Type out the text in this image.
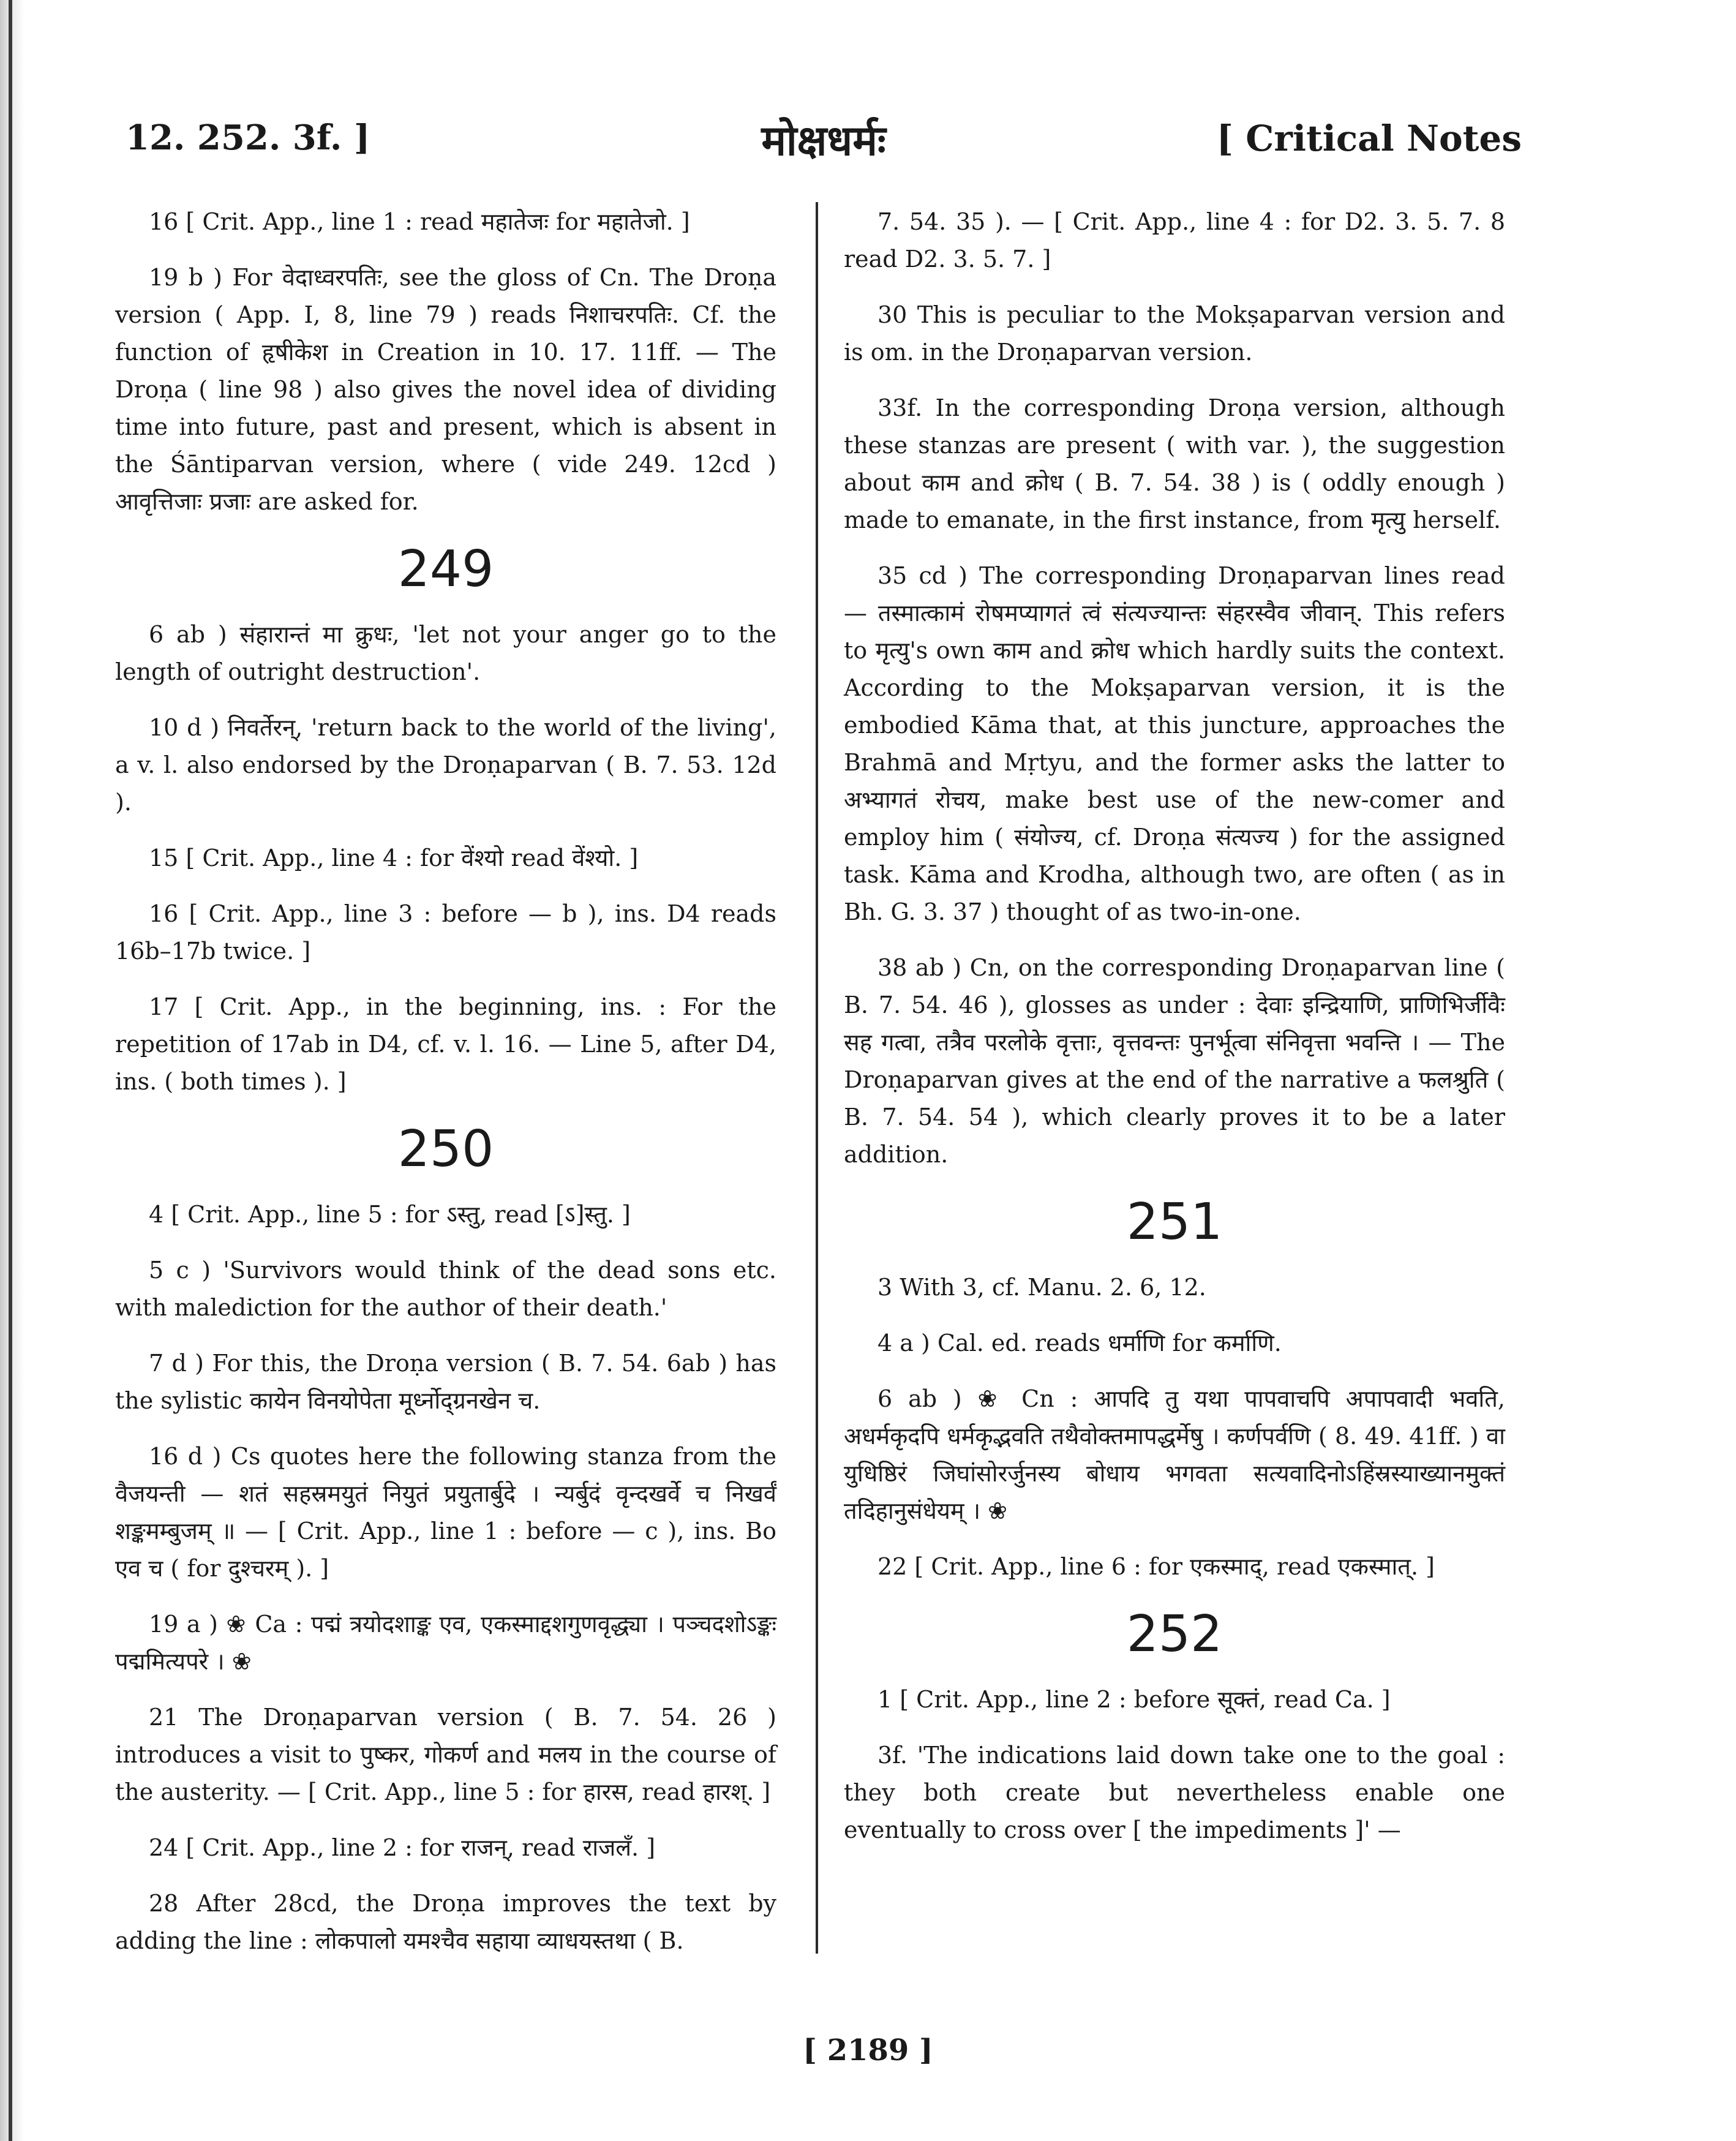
12. 252. 3f. ]	मोक्षधर्मः	[ Critical Notes

16 [ Crit. App., line 1 : read महातेजः for महातेजो. ]

19 b ) For वेदाध्वरपतिः, see the gloss of Cn. The Droṇa version ( App. I, 8, line 79 ) reads निशाचरपतिः. Cf. the function of हृषीकेश in Creation in 10. 17. 11ff. — The Droṇa ( line 98 ) also gives the novel idea of dividing time into future, past and present, which is absent in the Śāntiparvan version, where ( vide 249. 12cd ) आवृत्तिजाः प्रजाः are asked for.

249

6 ab ) संहारान्तं मा क्रुधः, 'let not your anger go to the length of outright destruction'.

10 d ) निवर्तेरन्, 'return back to the world of the living', a v. l. also endorsed by the Droṇaparvan ( B. 7. 53. 12d ).

15 [ Crit. App., line 4 : for वेंश्यो read वेंश्यो. ]

16 [ Crit. App., line 3 : before — b ), ins. D4 reads 16b–17b twice. ]

17 [ Crit. App., in the beginning, ins. : For the repetition of 17ab in D4, cf. v. l. 16. — Line 5, after D4, ins. ( both times ). ]

250

4 [ Crit. App., line 5 : for ऽस्तु, read [ऽ]स्तु. ]

5 c ) 'Survivors would think of the dead sons etc. with malediction for the author of their death.'

7 d ) For this, the Droṇa version ( B. 7. 54. 6ab ) has the sylistic कायेन विनयोपेता मूर्ध्नोद्ग्रनखेन च.

16 d ) Cs quotes here the following stanza from the वैजयन्ती — शतं सहस्रमयुतं नियुतं प्रयुतार्बुदे । न्यर्बुदं वृन्दखर्वे च निखर्वं शङ्कमम्बुजम् ॥ — [ Crit. App., line 1 : before — c ), ins. Bo एव च ( for दुश्चरम् ). ]

19 a ) ❀ Ca : पद्मं त्रयोदशाङ्क एव, एकस्माद्दशगुणवृद्ध्या । पञ्चदशोऽङ्कः पद्ममित्यपरे । ❀

21 The Droṇaparvan version ( B. 7. 54. 26 ) introduces a visit to पुष्कर, गोकर्ण and मलय in the course of the austerity. — [ Crit. App., line 5 : for हारस, read हारश्. ]

24 [ Crit. App., line 2 : for राजन्, read राजलँ. ]

28 After 28cd, the Droṇa improves the text by adding the line : लोकपालो यमश्चैव सहाया व्याधयस्तथा ( B.

7. 54. 35 ). — [ Crit. App., line 4 : for D2. 3. 5. 7. 8 read D2. 3. 5. 7. ]

30 This is peculiar to the Mokṣaparvan version and is om. in the Droṇaparvan version.

33f. In the corresponding Droṇa version, although these stanzas are present ( with var. ), the suggestion about काम and क्रोध ( B. 7. 54. 38 ) is ( oddly enough ) made to emanate, in the first instance, from मृत्यु herself.

35 cd ) The corresponding Droṇaparvan lines read — तस्मात्कामं रोषमप्यागतं त्वं संत्यज्यान्तः संहरस्वैव जीवान्. This refers to मृत्यु's own काम and क्रोध which hardly suits the context. According to the Mokṣaparvan version, it is the embodied Kāma that, at this juncture, approaches the Brahmā and Mṛtyu, and the former asks the latter to अभ्यागतं रोचय, make best use of the new-comer and employ him ( संयोज्य, cf. Droṇa संत्यज्य ) for the assigned task. Kāma and Krodha, although two, are often ( as in Bh. G. 3. 37 ) thought of as two-in-one.

38 ab ) Cn, on the corresponding Droṇaparvan line ( B. 7. 54. 46 ), glosses as under : देवाः इन्द्रियाणि, प्राणिभिर्जीवैः सह गत्वा, तत्रैव परलोके वृत्ताः, वृत्तवन्तः पुनर्भूत्वा संनिवृत्ता भवन्ति । — The Droṇaparvan gives at the end of the narrative a फलश्रुति ( B. 7. 54. 54 ), which clearly proves it to be a later addition.

251

3 With 3, cf. Manu. 2. 6, 12.

4 a ) Cal. ed. reads धर्माणि for कर्माणि.

6 ab ) ❀ Cn : आपदि तु यथा पापवाचपि अपापवादी भवति, अधर्मकृदपि धर्मकृद्भवति तथैवोक्तमापद्धर्मेषु । कर्णपर्वणि ( 8. 49. 41ff. ) वा युधिष्ठिरं जिघांसोरर्जुनस्य बोधाय भगवता सत्यवादिनोऽहिंस्रस्याख्यानमुक्तं तदिहानुसंधेयम् । ❀

22 [ Crit. App., line 6 : for एकस्माद्, read एकस्मात्. ]

252

1 [ Crit. App., line 2 : before सूक्तं, read Ca. ]

3f. 'The indications laid down take one to the goal : they both create but nevertheless enable one eventually to cross over [ the impediments ]' —

[ 2189 ]
